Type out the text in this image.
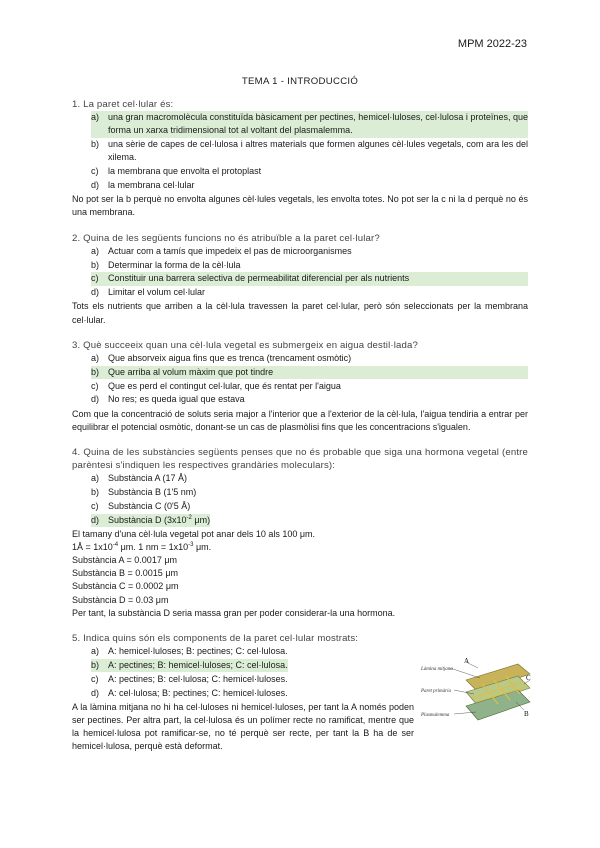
MPM 2022-23
TEMA 1 - INTRODUCCIÓ

1. La paret cel·lular és:

a) una gran macromolècula constituïda bàsicament per pectines, hemicel·luloses, cel·lulosa i proteïnes, que forma un xarxa tridimensional tot al voltant del plasmalemma.
b) una sèrie de capes de cel·lulosa i altres materials que formen algunes cèl·lules vegetals, com ara les del xilema.
c)	la membrana que envolta el protoplast
d) la membrana cel·lular

No pot ser la b perquè no envolta algunes cèl·lules vegetals, les envolta totes. No pot ser la c ni la d perquè no és una membrana.

2. Quina de les següents funcions no és atribuïble a la paret cel·lular?

a) Actuar com a tamís que impedeix el pas de microorganismes
b) Determinar la forma de la cèl·lula
c)	Constituir una barrera selectiva de permeabilitat diferencial per als nutrients
d) Limitar el volum cel·lular

Tots els nutrients que arriben a la cèl·lula travessen la paret cel·lular, però són seleccionats per la membrana cel·lular.

3. Què succeeix quan una cèl·lula vegetal es submergeix en aigua destil·lada?

a) Que absorveix aigua fins que es trenca (trencament osmòtic)
b) Que arriba al volum màxim que pot tindre
c)	Que es perd el contingut cel·lular, que és rentat per l'aigua
d) No res; es queda igual que estava

Com que la concentració de soluts seria major a l'interior que a l'exterior de la cèl·lula, l'aigua tendiria a entrar per equilibrar el potencial osmòtic, donant-se un cas de plasmòlisi fins que les concentracions s'igualen.

4. Quina de les substàncies següents penses que no és probable que siga una hormona vegetal (entre parèntesi s'indiquen les respectives grandàries moleculars):

a) Substància A (17 Å)
b) Substància B (1'5 nm)
c)	Substància C (0'5 Å)
d) Substància D ($3x10^{-2}$ μm)

El tamany d'una cèl·lula vegetal pot anar dels 10 als 100 μm.

1Å = $1x10^{-4}$ μm. 1 nm = $1x10^{-3}$ μm.

Substància A = 0.0017 μm

Substància B = 0.0015 μm

Substància C = 0.0002 μm

Substància D = 0.03 μm

Per tant, la substància D seria massa gran per poder considerar-la una hormona.

5. Indica quins són els components de la paret cel·lular mostrats:

a) A: hemicel·luloses; B: pectines; C: cel·lulosa.
b) A: pectines; B: hemicel·luloses; C: cel·lulosa.
c)	A: pectines; B: cel·lulosa; C: hemicel·luloses.
d) A: cel·lulosa; B: pectines; C: hemicel·luloses.

A la làmina mitjana no hi ha cel·luloses ni hemicel·luloses, per tant la A només poden ser pectines. Per altra part, la cel·lulosa és un polímer recte no ramificat, mentre que la hemicel·lulosa pot ramificar-se, no té perquè ser recte, per tant la B ha de ser hemicel·lulosa, perquè està deformat.

Làmina mitjana
Paret primària
Plasmalemma
A
B
C
